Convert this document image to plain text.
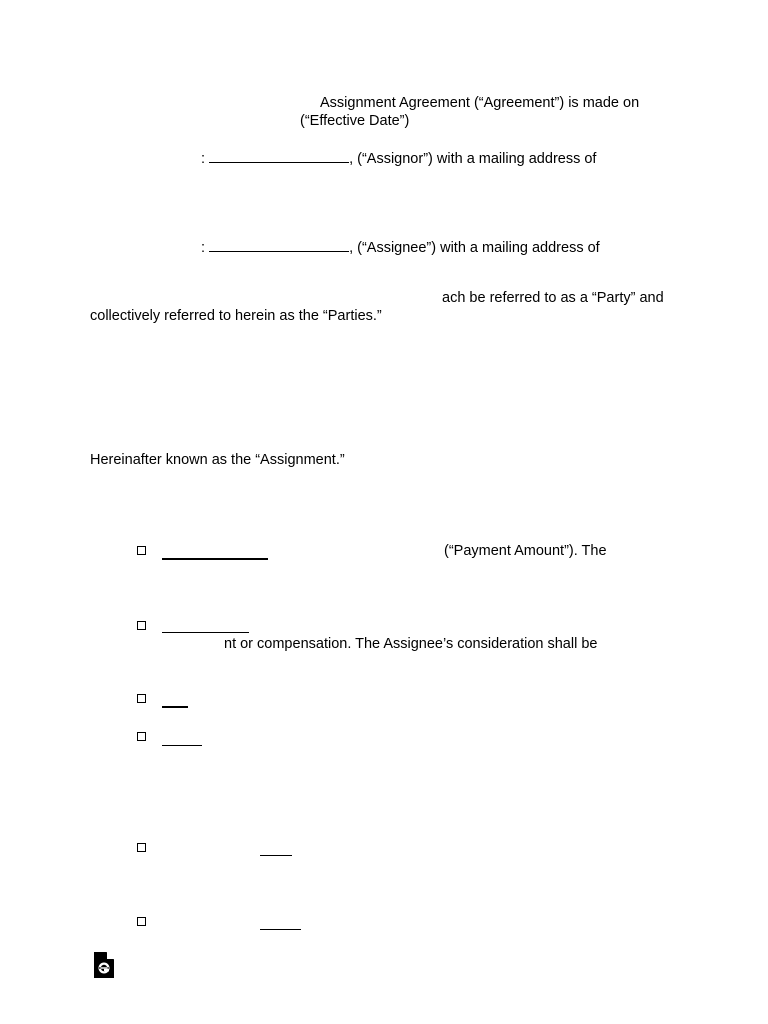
Assignment Agreement (“Agreement”) is made on
(“Effective Date”)
:	, (“Assignor”) with a mailing address of
:	, (“Assignee”) with a mailing address of
ach be referred to as a “Party” and
collectively referred to herein as the “Parties.”
Hereinafter known as the “Assignment.”
(“Payment Amount”). The
nt or compensation. The Assignee’s consideration shall be
